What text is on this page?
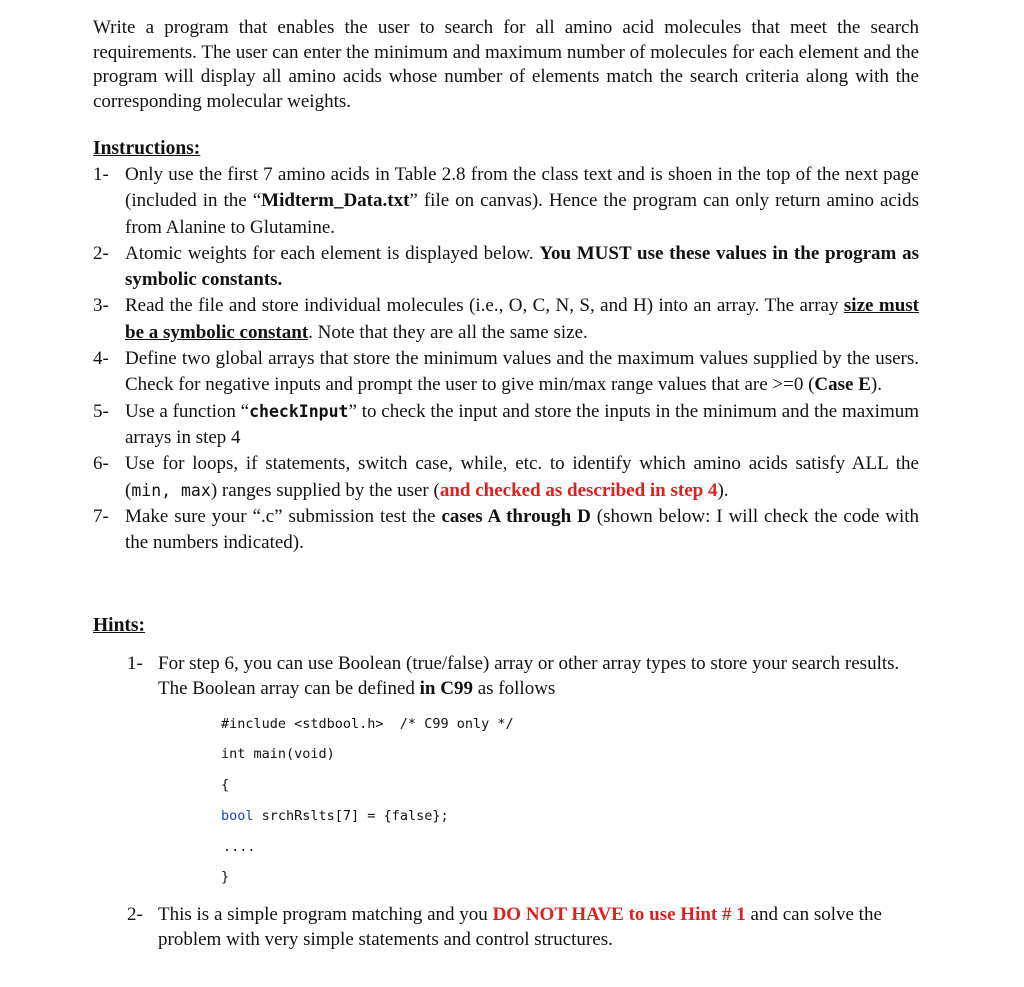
Write a program that enables the user to search for all amino acid molecules that meet the search requirements. The user can enter the minimum and maximum number of molecules for each element and the program will display all amino acids whose number of elements match the search criteria along with the corresponding molecular weights.

Instructions:

1- Only use the first 7 amino acids in Table 2.8 from the class text and is shoen in the top of the next page (included in the “Midterm_Data.txt” file on canvas). Hence the program can only return amino acids from Alanine to Glutamine.
2- Atomic weights for each element is displayed below. You MUST use these values in the program as symbolic constants.
3- Read the file and store individual molecules (i.e., O, C, N, S, and H) into an array. The array size must be a symbolic constant. Note that they are all the same size.
4- Define two global arrays that store the minimum values and the maximum values supplied by the users. Check for negative inputs and prompt the user to give min/max range values that are >=0 (Case E).
5- Use a function “checkInput” to check the input and store the inputs in the minimum and the maximum arrays in step 4
6- Use for loops, if statements, switch case, while, etc. to identify which amino acids satisfy ALL the (min, max) ranges supplied by the user (and checked as described in step 4).
7- Make sure your “.c” submission test the cases A through D (shown below: I will check the code with the numbers indicated).

Hints:

1- For step 6, you can use Boolean (true/false) array or other array types to store your search results. The Boolean array can be defined in C99 as follows
#include <stdbool.h>  /* C99 only */
int main(void)
{
bool srchRslts[7] = {false};
....
}
2- This is a simple program matching and you DO NOT HAVE to use Hint # 1 and can solve the problem with very simple statements and control structures.
